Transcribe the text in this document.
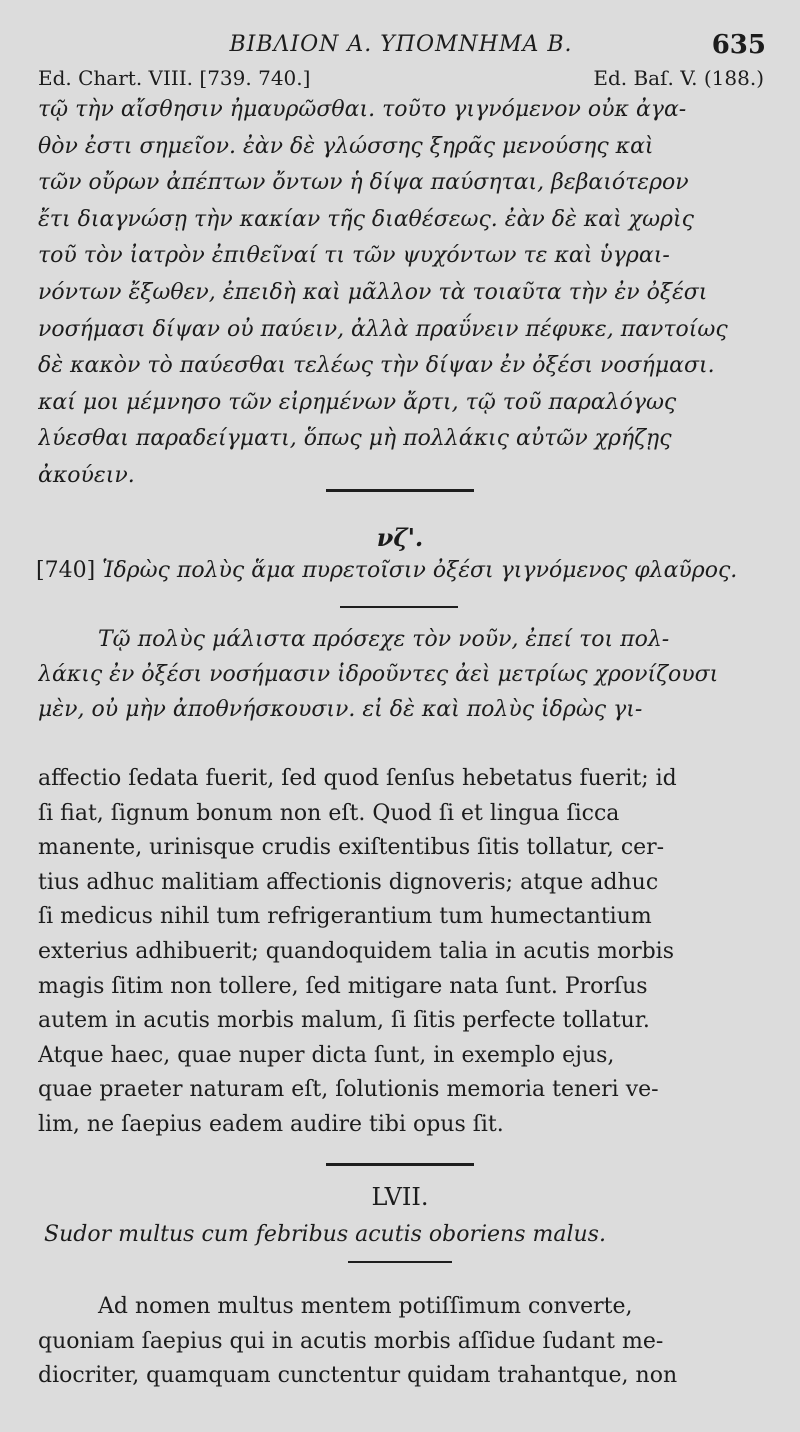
ΒΙΒΛΙΟΝ Α. ΥΠΟΜΝΗΜΑ Β.	635
Ed. Chart. VIII. [739. 740.]	Ed. Baſ. V. (188.)
τῷ τὴν αἴσθησιν ἠμαυρῶσθαι. τοῦτο γιγνόμενον οὐκ ἀγα-
θὸν ἐστι σημεῖον. ἐὰν δὲ γλώσσης ξηρᾶς μενούσης καὶ
τῶν οὔρων ἀπέπτων ὄντων ἡ δίψα παύσηται, βεβαιότερον
ἔτι διαγνώσῃ τὴν κακίαν τῆς διαθέσεως. ἐὰν δὲ καὶ χωρὶς
τοῦ τὸν ἰατρὸν ἐπιθεῖναί τι τῶν ψυχόντων τε καὶ ὑγραι-
νόντων ἔξωθεν, ἐπειδὴ καὶ μᾶλλον τὰ τοιαῦτα τὴν ἐν ὀξέσι
νοσήμασι δίψαν οὐ παύειν, ἀλλὰ πραΰνειν πέφυκε, παντοίως
δὲ κακὸν τὸ παύεσθαι τελέως τὴν δίψαν ἐν ὀξέσι νοσήμασι.
καί μοι μέμνησο τῶν εἰρημένων ἄρτι, τῷ τοῦ παραλόγως
λύεσθαι παραδείγματι, ὅπως μὴ πολλάκις αὐτῶν χρήζῃς
ἀκούειν.
νζ'.
[740] Ἱδρὼς πολὺς ἅμα πυρετοῖσιν ὀξέσι γιγνόμενος φλαῦρος.
Τῷ πολὺς μάλιστα πρόσεχε τὸν νοῦν, ἐπεί τοι πολ-
λάκις ἐν ὀξέσι νοσήμασιν ἱδροῦντες ἀεὶ μετρίως χρονίζουσι
μὲν, οὐ μὴν ἀποθνήσκουσιν. εἰ δὲ καὶ πολὺς ἱδρὼς γι-
affectio ſedata fuerit, ſed quod ſenſus hebetatus fuerit; id
ſi fiat, ſignum bonum non eſt. Quod ſi et lingua ſicca
manente, urinisque crudis exiſtentibus ſitis tollatur, cer-
tius adhuc malitiam affectionis dignoveris; atque adhuc
ſi medicus nihil tum refrigerantium tum humectantium
exterius adhibuerit; quandoquidem talia in acutis morbis
magis ſitim non tollere, ſed mitigare nata ſunt. Prorſus
autem in acutis morbis malum, ſi ſitis perfecte tollatur.
Atque haec, quae nuper dicta ſunt, in exemplo ejus,
quae praeter naturam eſt, ſolutionis memoria teneri ve-
lim, ne ſaepius eadem audire tibi opus ſit.
LVII.
Sudor multus cum febribus acutis oboriens malus.
Ad nomen multus mentem potiſſimum converte,
quoniam ſaepius qui in acutis morbis aſſidue ſudant me-
diocriter, quamquam cunctentur quidam trahantque, non
